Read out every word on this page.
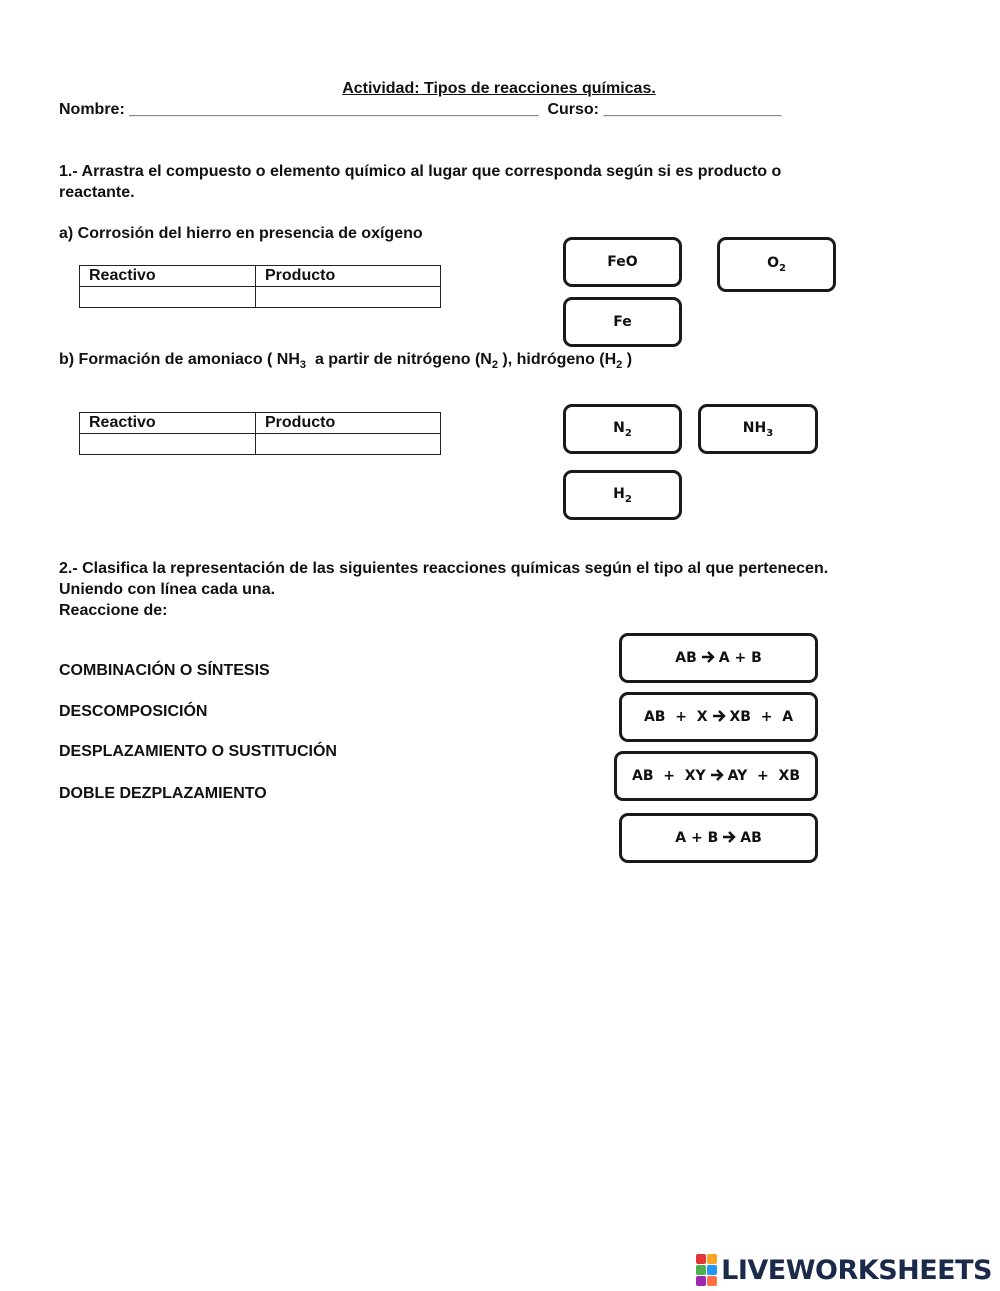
Actividad: Tipos de reacciones químicas.
Nombre: ______________________________________________ Curso: ____________________
1.- Arrastra el compuesto o elemento químico al lugar que corresponda según si es producto o
reactante.
a) Corrosión del hierro en presencia de oxígeno
Reactivo	Producto

FeO	$O_2$
Fe
b) Formación de amoniaco ( $NH_3$  a partir de nitrógeno ($N_2$ ), hidrógeno ($H_2$ )
Reactivo	Producto
		$N_2$	$NH_3$
$H_2$
2.- Clasifica la representación de las siguientes reacciones químicas según el tipo al que pertenecen.
Uniendo con línea cada una.
Reaccione de:
COMBINACIÓN O SÍNTESIS
DESCOMPOSICIÓN
DESPLAZAMIENTO O SUSTITUCIÓN
DOBLE DEZPLAZAMIENTO
AB A + B
AB  +  X XB  +  A
AB  +  XY AY  +  XB
A + B AB
LIVEWORKSHEETS
